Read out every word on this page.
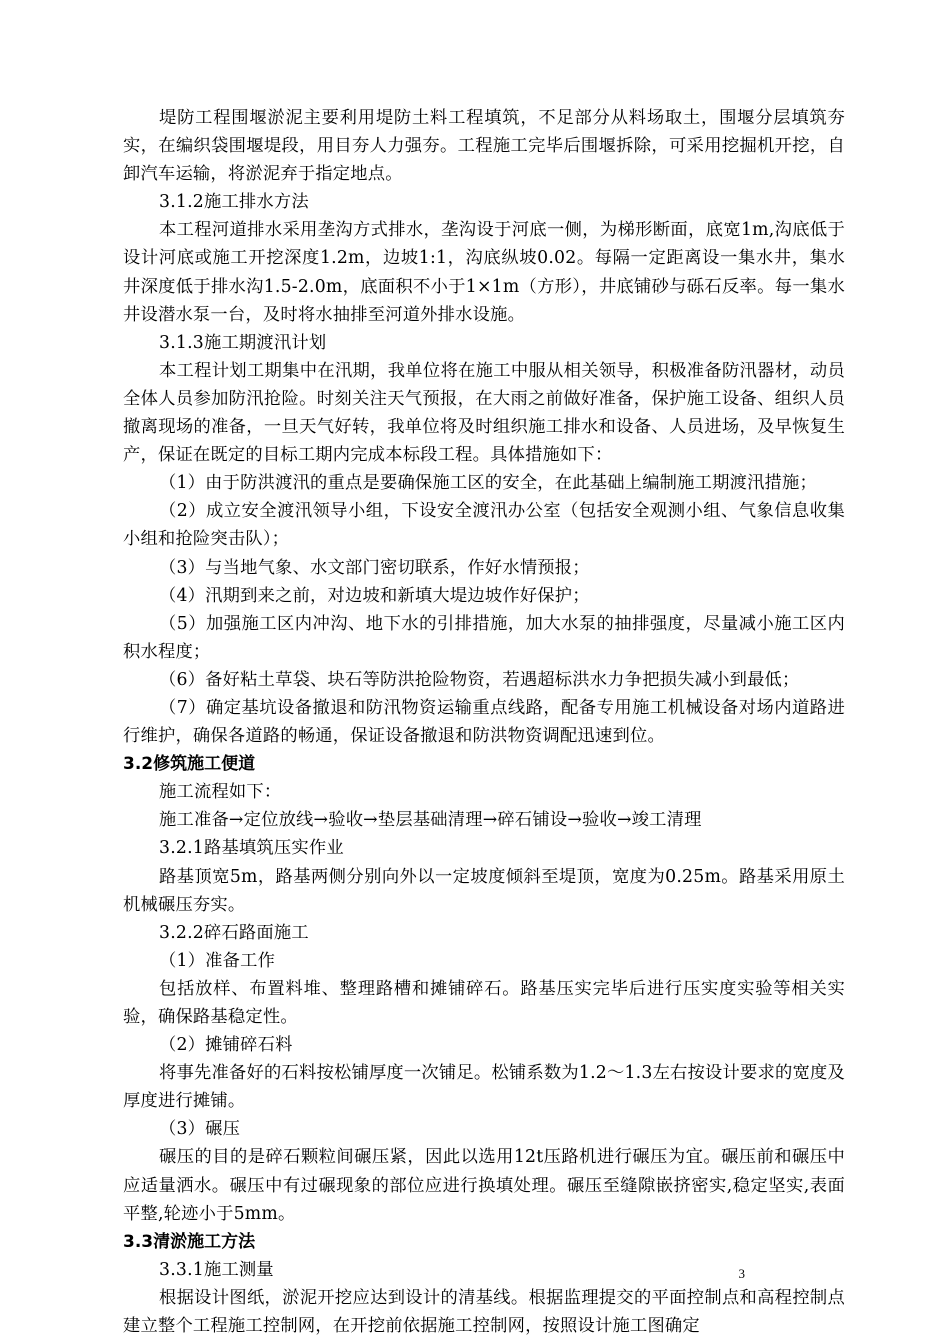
堤防工程围堰淤泥主要利用堤防土料工程填筑，不足部分从料场取土，围堰分层填筑夯实，在编织袋围堰堤段，用目夯人力强夯。工程施工完毕后围堰拆除，可采用挖掘机开挖，自卸汽车运输，将淤泥弃于指定地点。

3.1.2施工排水方法

本工程河道排水采用垄沟方式排水，垄沟设于河底一侧，为梯形断面，底宽1m,沟底低于设计河底或施工开挖深度1.2m，边坡1:1，沟底纵坡0.02。每隔一定距离设一集水井，集水井深度低于排水沟1.5-2.0m，底面积不小于1×1m（方形），井底铺砂与砾石反率。每一集水井设潜水泵一台，及时将水抽排至河道外排水设施。

3.1.3施工期渡汛计划

本工程计划工期集中在汛期，我单位将在施工中服从相关领导，积极准备防汛器材，动员全体人员参加防汛抢险。时刻关注天气预报，在大雨之前做好准备，保护施工设备、组织人员撤离现场的准备，一旦天气好转，我单位将及时组织施工排水和设备、人员进场，及早恢复生产，保证在既定的目标工期内完成本标段工程。具体措施如下：

（1）由于防洪渡汛的重点是要确保施工区的安全，在此基础上编制施工期渡汛措施；

（2）成立安全渡汛领导小组，下设安全渡汛办公室（包括安全观测小组、气象信息收集小组和抢险突击队）；

（3）与当地气象、水文部门密切联系，作好水情预报；

（4）汛期到来之前，对边坡和新填大堤边坡作好保护；

（5）加强施工区内冲沟、地下水的引排措施，加大水泵的抽排强度，尽量减小施工区内积水程度；

（6）备好粘土草袋、块石等防洪抢险物资，若遇超标洪水力争把损失减小到最低；

（7）确定基坑设备撤退和防汛物资运输重点线路，配备专用施工机械设备对场内道路进行维护，确保各道路的畅通，保证设备撤退和防洪物资调配迅速到位。

3.2修筑施工便道

施工流程如下：

施工准备→定位放线→验收→垫层基础清理→碎石铺设→验收→竣工清理

3.2.1路基填筑压实作业

路基顶宽5m，路基两侧分别向外以一定坡度倾斜至堤顶，宽度为0.25m。路基采用原土机械碾压夯实。

3.2.2碎石路面施工

（1）准备工作

包括放样、布置料堆、整理路槽和摊铺碎石。路基压实完毕后进行压实度实验等相关实验，确保路基稳定性。

（2）摊铺碎石料

将事先准备好的石料按松铺厚度一次铺足。松铺系数为1.2～1.3左右按设计要求的宽度及厚度进行摊铺。

（3）碾压

碾压的目的是碎石颗粒间碾压紧，因此以选用12t压路机进行碾压为宜。碾压前和碾压中应适量洒水。碾压中有过碾现象的部位应进行换填处理。碾压至缝隙嵌挤密实,稳定坚实,表面平整,轮迹小于5mm。

3.3清淤施工方法

3.3.1施工测量

根据设计图纸，淤泥开挖应达到设计的清基线。根据监理提交的平面控制点和高程控制点建立整个工程施工控制网，在开挖前依据施工控制网，按照设计施工图确定

3
